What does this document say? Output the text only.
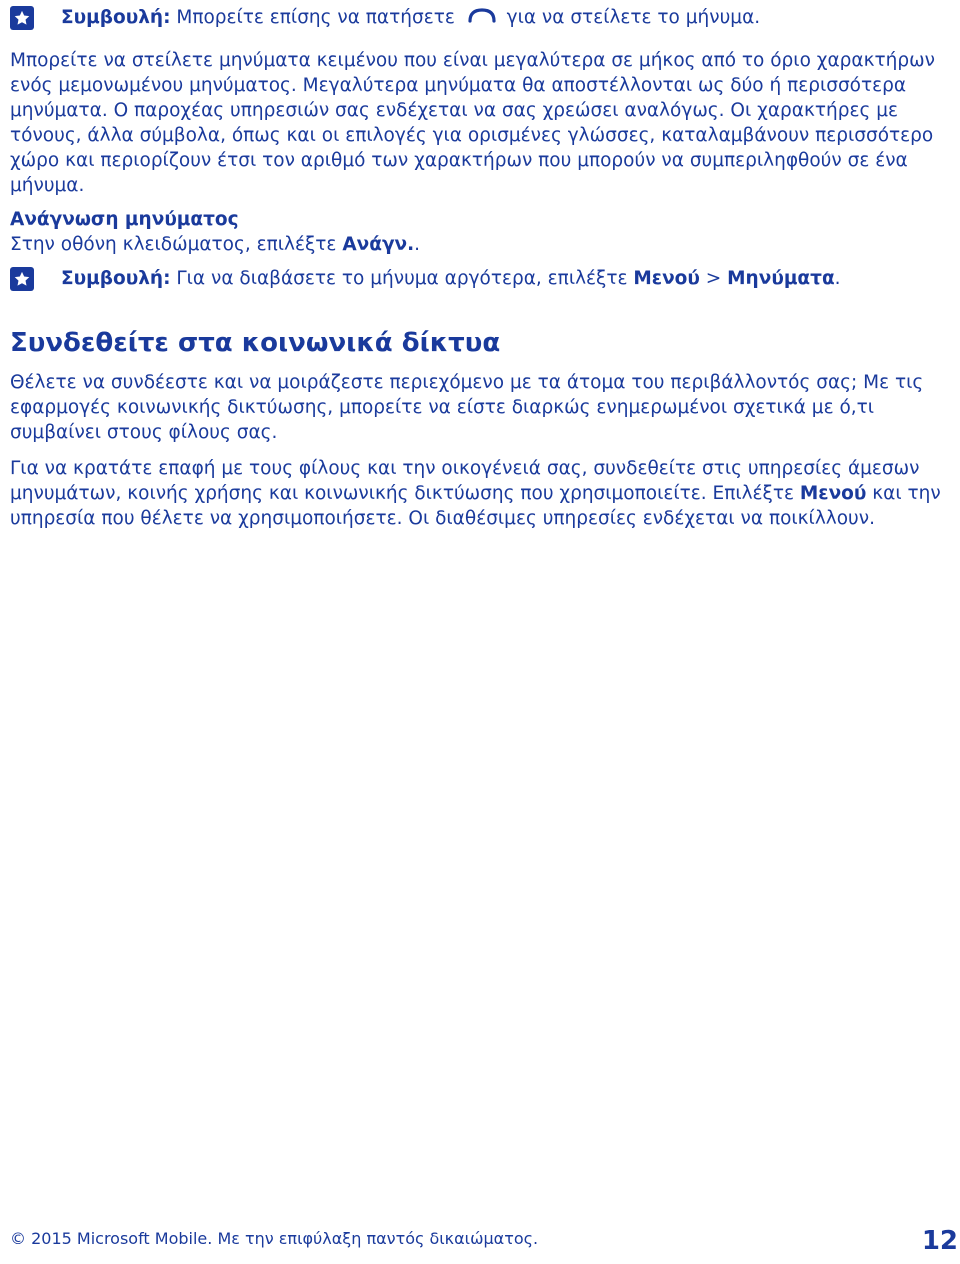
Συμβουλή: Μπορείτε επίσης να πατήσετε	για να στείλετε το μήνυμα.

Μπορείτε να στείλετε μηνύματα κειμένου που είναι μεγαλύτερα σε μήκος από το όριο χαρακτήρων ενός μεμονωμένου μηνύματος. Μεγαλύτερα μηνύματα θα αποστέλλονται ως δύο ή περισσότερα μηνύματα. Ο παροχέας υπηρεσιών σας ενδέχεται να σας χρεώσει αναλόγως. Οι χαρακτήρες με τόνους, άλλα σύμβολα, όπως και οι επιλογές για ορισμένες γλώσσες, καταλαμβάνουν περισσότερο χώρο και περιορίζουν έτσι τον αριθμό των χαρακτήρων που μπορούν να συμπεριληφθούν σε ένα μήνυμα.

Ανάγνωση μηνύματος
Στην οθόνη κλειδώματος, επιλέξτε Ανάγν..
Συμβουλή: Για να διαβάσετε το μήνυμα αργότερα, επιλέξτε Μενού > Μηνύματα.
Συνδεθείτε στα κοινωνικά δίκτυα

Θέλετε να συνδέεστε και να μοιράζεστε περιεχόμενο με τα άτομα του περιβάλλοντός σας; Με τις εφαρμογές κοινωνικής δικτύωσης, μπορείτε να είστε διαρκώς ενημερωμένοι σχετικά με ό,τι συμβαίνει στους φίλους σας.

Για να κρατάτε επαφή με τους φίλους και την οικογένειά σας, συνδεθείτε στις υπηρεσίες άμεσων μηνυμάτων, κοινής χρήσης και κοινωνικής δικτύωσης που χρησιμοποιείτε. Επιλέξτε Μενού και την υπηρεσία που θέλετε να χρησιμοποιήσετε. Οι διαθέσιμες υπηρεσίες ενδέχεται να ποικίλλουν.

© 2015 Microsoft Mobile. Με την επιφύλαξη παντός δικαιώματος.	12
